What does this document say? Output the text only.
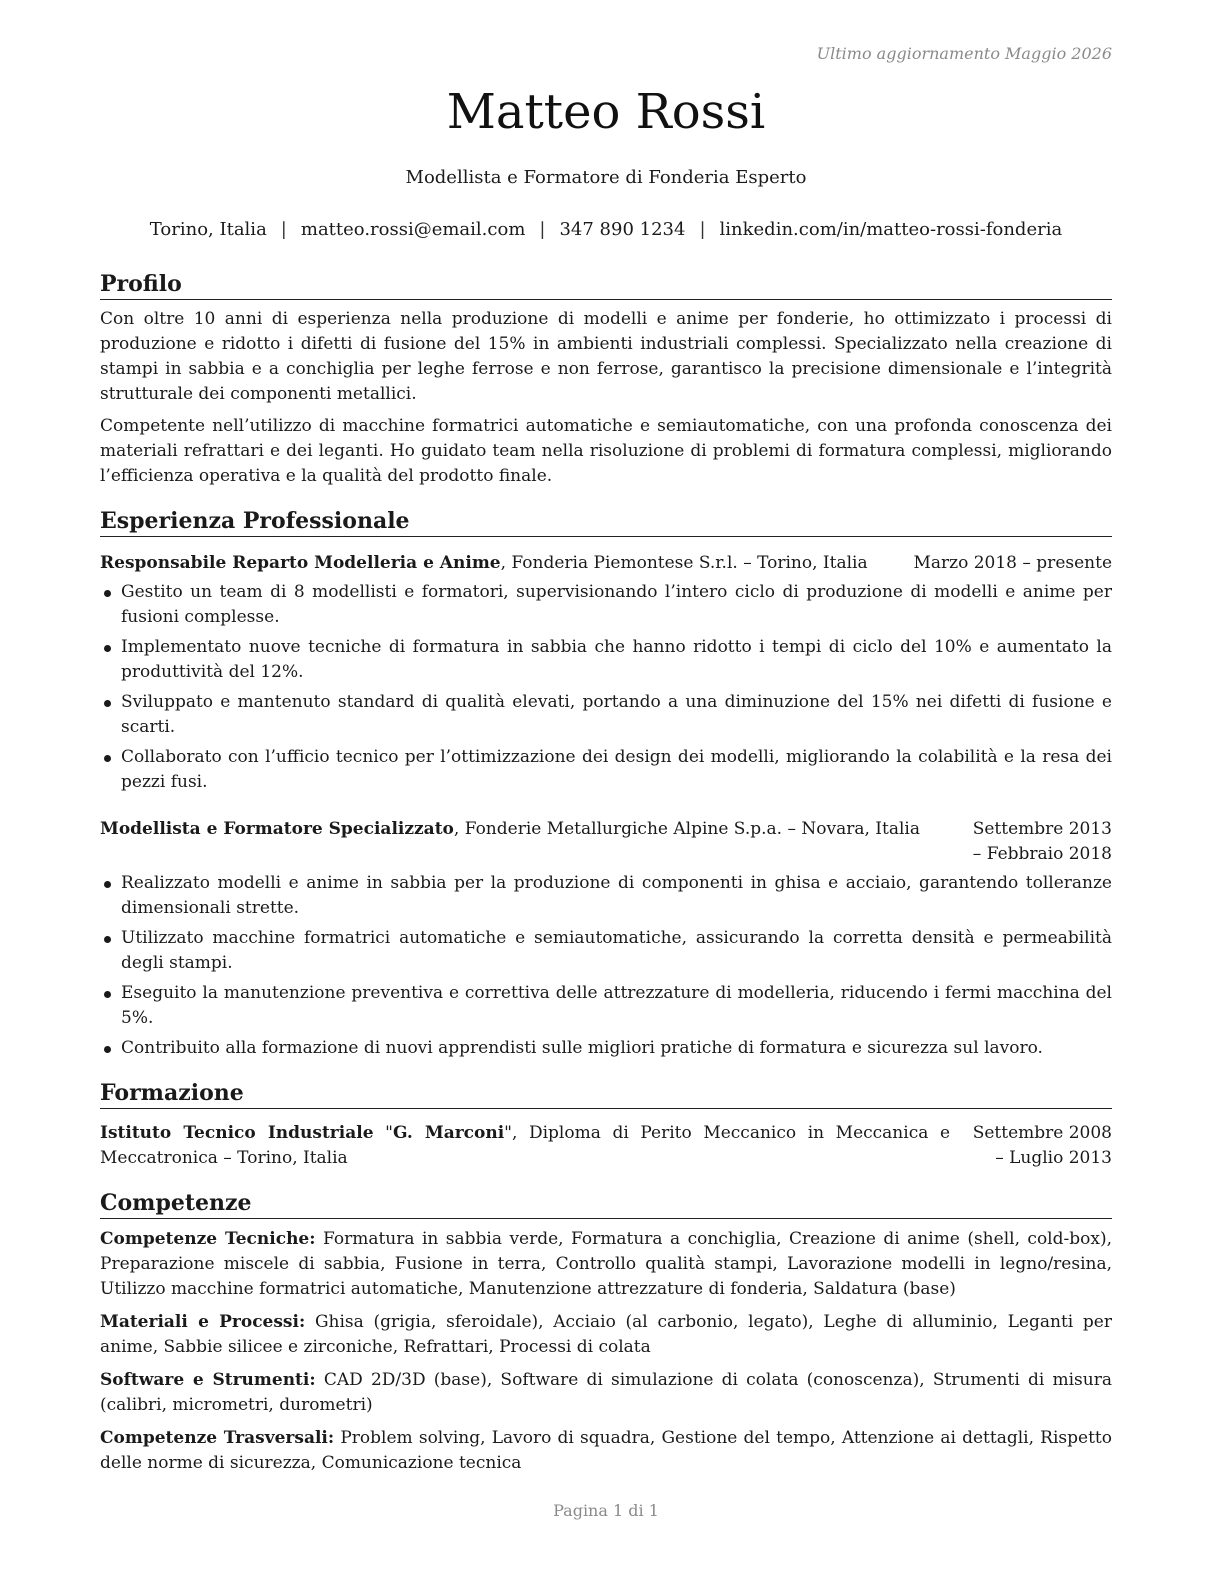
Ultimo aggiornamento Maggio 2026
Matteo Rossi
Modellista e Formatore di Fonderia Esperto
Torino, Italia | matteo.rossi@email.com | 347 890 1234 | linkedin.com/in/matteo-rossi-fonderia
Profilo

Con oltre 10 anni di esperienza nella produzione di modelli e anime per fonderie, ho ottimizzato i processi di produzione e ridotto i difetti di fusione del 15% in ambienti industriali complessi. Specializzato nella creazione di stampi in sabbia e a conchiglia per leghe ferrose e non ferrose, garantisco la precisione dimensionale e l’integrità strutturale dei componenti metallici.

Competente nell’utilizzo di macchine formatrici automatiche e semiautomatiche, con una profonda conoscenza dei materiali refrattari e dei leganti. Ho guidato team nella risoluzione di problemi di formatura complessi, migliorando l’efficienza operativa e la qualità del prodotto finale.

Esperienza Professionale
Responsabile Reparto Modelleria e Anime, Fonderia Piemontese S.r.l. – Torino, Italia	Marzo 2018 – presente
Gestito un team di 8 modellisti e formatori, supervisionando l’intero ciclo di produzione di modelli e anime per fusioni complesse.
Implementato nuove tecniche di formatura in sabbia che hanno ridotto i tempi di ciclo del 10% e aumentato la produttività del 12%.
Sviluppato e mantenuto standard di qualità elevati, portando a una diminuzione del 15% nei difetti di fusione e scarti.
Collaborato con l’ufficio tecnico per l’ottimizzazione dei design dei modelli, migliorando la colabilità e la resa dei pezzi fusi.
Modellista e Formatore Specializzato, Fonderie Metallurgiche Alpine S.p.a. – Novara, Italia	Settembre 2013 – Febbraio 2018
Realizzato modelli e anime in sabbia per la produzione di componenti in ghisa e acciaio, garantendo tolleranze dimensionali strette.
Utilizzato macchine formatrici automatiche e semiautomatiche, assicurando la corretta densità e permeabilità degli stampi.
Eseguito la manutenzione preventiva e correttiva delle attrezzature di modelleria, riducendo i fermi macchina del 5%.
Contribuito alla formazione di nuovi apprendisti sulle migliori pratiche di formatura e sicurezza sul lavoro.
Formazione
Istituto Tecnico Industriale "G. Marconi", Diploma di Perito Meccanico in Meccanica e Meccatronica – Torino, Italia
Settembre 2008 – Luglio 2013
Competenze
Competenze Tecniche: Formatura in sabbia verde, Formatura a conchiglia, Creazione di anime (shell, cold-box), Preparazione miscele di sabbia, Fusione in terra, Controllo qualità stampi, Lavorazione modelli in legno/resina, Utilizzo macchine formatrici automatiche, Manutenzione attrezzature di fonderia, Saldatura (base)
Materiali e Processi: Ghisa (grigia, sferoidale), Acciaio (al carbonio, legato), Leghe di alluminio, Leganti per anime, Sabbie silicee e zirconiche, Refrattari, Processi di colata
Software e Strumenti: CAD 2D/3D (base), Software di simulazione di colata (conoscenza), Strumenti di misura (calibri, micrometri, durometri)
Competenze Trasversali: Problem solving, Lavoro di squadra, Gestione del tempo, Attenzione ai dettagli, Rispetto delle norme di sicurezza, Comunicazione tecnica
Pagina 1 di 1
